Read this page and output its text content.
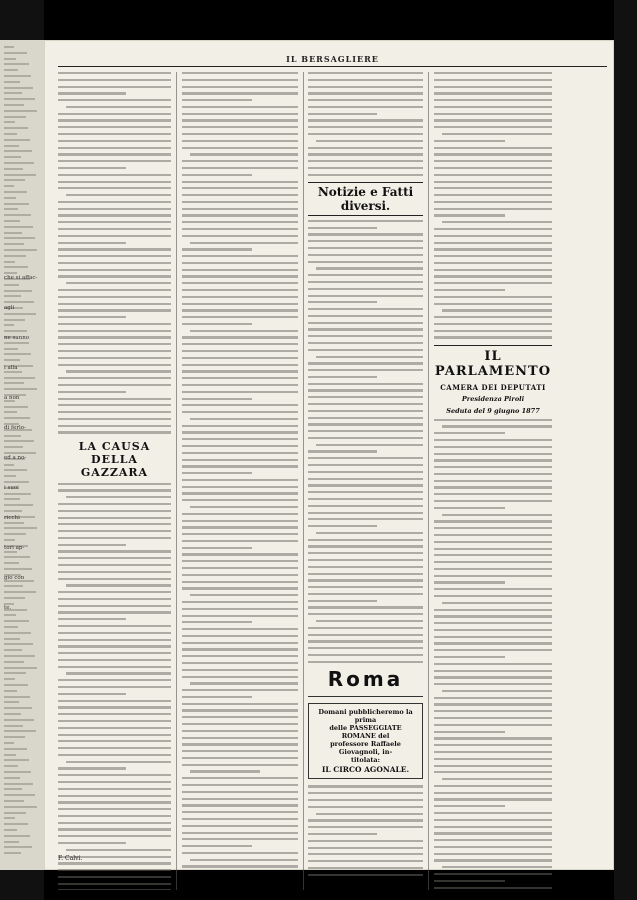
che si affac-
agli
ne sanno
i alla
a non
di ferlo-
ed a no-
i suoi
ricchi
tori ap-
gio con
te.
IL BERSAGLIERE
LA CAUSA DELLA GAZZARA
Notizie e Fatti diversi.
Roma
Domani pubblicheremo la prima
delle PASSEGGIATE ROMANE del
professore Raffaele Giovagnoli, in-
titolata:
IL CIRCO AGONALE.
IL PARLAMENTO
CAMERA DEI DEPUTATI
Presidenza Piroli
Seduta del 9 giugno 1877
F. Calvi.
